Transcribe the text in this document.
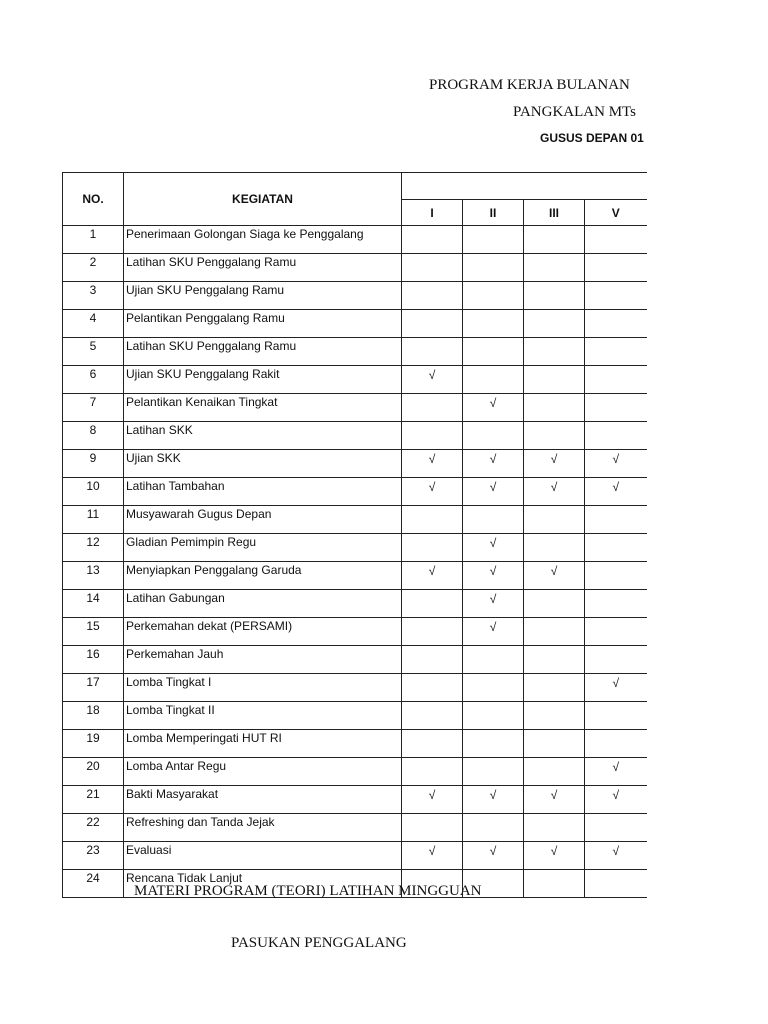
PROGRAM KERJA BULANAN
PANGKALAN MTs
GUSUS DEPAN 01
NO.	KEGIATAN				
		I	II	III	V
1	Penerimaan Golongan Siaga ke Penggalang				
2	Latihan SKU Penggalang Ramu				
3	Ujian SKU Penggalang Ramu				
4	Pelantikan Penggalang Ramu				
5	Latihan SKU Penggalang Ramu				
6	Ujian SKU Penggalang Rakit	√			
7	Pelantikan Kenaikan Tingkat		√		
8	Latihan SKK				
9	Ujian SKK	√	√	√	√
10	Latihan Tambahan	√	√	√	√
11	Musyawarah Gugus Depan				
12	Gladian Pemimpin Regu		√		
13	Menyiapkan Penggalang Garuda	√	√	√	
14	Latihan Gabungan		√		
15	Perkemahan dekat (PERSAMI)		√		
16	Perkemahan Jauh				
17	Lomba Tingkat I				√
18	Lomba Tingkat II				
19	Lomba Memperingati HUT RI				
20	Lomba Antar Regu				√
21	Bakti Masyarakat	√	√	√	√
22	Refreshing dan Tanda Jejak				
23	Evaluasi	√	√	√	√
24	Rencana Tidak Lanjut				
MATERI PROGRAM (TEORI) LATIHAN MINGGUAN
PASUKAN PENGGALANG
